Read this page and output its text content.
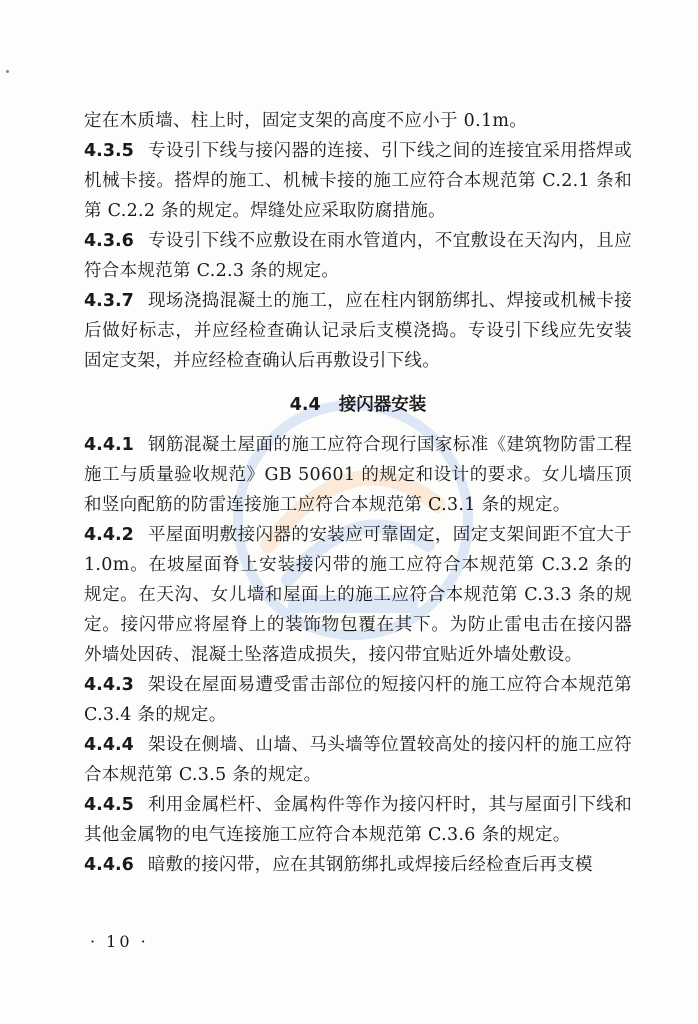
定在木质墙、柱上时，固定支架的高度不应小于 0.1m。

4.3.5 专设引下线与接闪器的连接、引下线之间的连接宜采用搭焊或机械卡接。搭焊的施工、机械卡接的施工应符合本规范第 C.2.1 条和第 C.2.2 条的规定。焊缝处应采取防腐措施。

4.3.6 专设引下线不应敷设在雨水管道内，不宜敷设在天沟内，且应符合本规范第 C.2.3 条的规定。

4.3.7 现场浇捣混凝土的施工，应在柱内钢筋绑扎、焊接或机械卡接后做好标志，并应经检查确认记录后支模浇捣。专设引下线应先安装固定支架，并应经检查确认后再敷设引下线。

4.4 接闪器安装

4.4.1 钢筋混凝土屋面的施工应符合现行国家标准《建筑物防雷工程施工与质量验收规范》GB 50601 的规定和设计的要求。女儿墙压顶和竖向配筋的防雷连接施工应符合本规范第 C.3.1 条的规定。

4.4.2 平屋面明敷接闪器的安装应可靠固定，固定支架间距不宜大于 1.0m。在坡屋面脊上安装接闪带的施工应符合本规范第 C.3.2 条的规定。在天沟、女儿墙和屋面上的施工应符合本规范第 C.3.3 条的规定。接闪带应将屋脊上的装饰物包覆在其下。为防止雷电击在接闪器外墙处因砖、混凝土坠落造成损失，接闪带宜贴近外墙处敷设。

4.4.3 架设在屋面易遭受雷击部位的短接闪杆的施工应符合本规范第 C.3.4 条的规定。

4.4.4 架设在侧墙、山墙、马头墙等位置较高处的接闪杆的施工应符合本规范第 C.3.5 条的规定。

4.4.5 利用金属栏杆、金属构件等作为接闪杆时，其与屋面引下线和其他金属物的电气连接施工应符合本规范第 C.3.6 条的规定。

4.4.6 暗敷的接闪带，应在其钢筋绑扎或焊接后经检查后再支模

· 10 ·
